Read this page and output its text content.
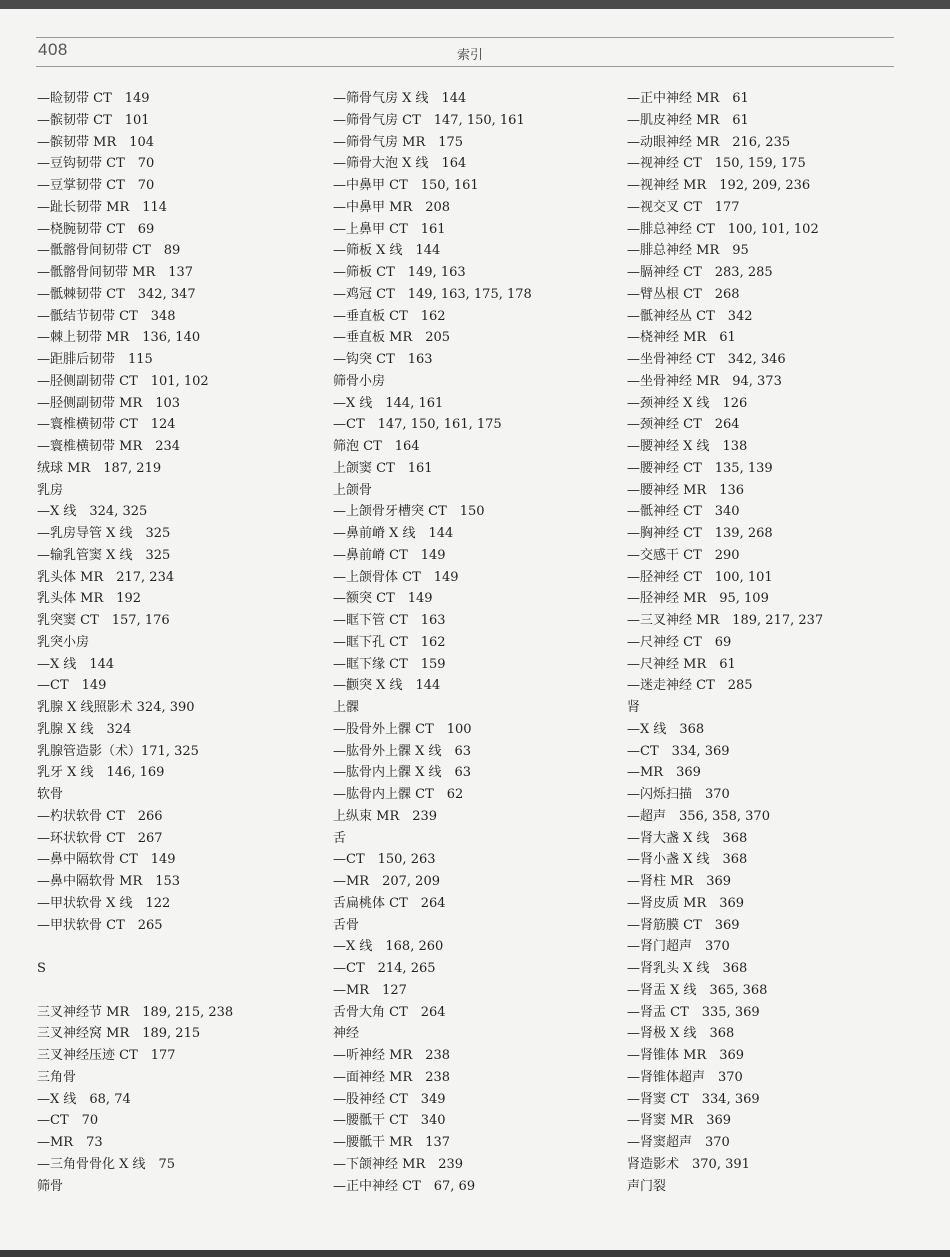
408	索引
—睑韧带 CT　149
—髌韧带 CT　101
—髌韧带 MR　104
—豆钩韧带 CT　70
—豆掌韧带 CT　70
—趾长韧带 MR　114
—桡腕韧带 CT　69
—骶髂骨间韧带 CT　89
—骶髂骨间韧带 MR　137
—骶棘韧带 CT　342, 347
—骶结节韧带 CT　348
—棘上韧带 MR　136, 140
—距腓后韧带　115
—胫侧副韧带 CT　101, 102
—胫侧副韧带 MR　103
—寰椎横韧带 CT　124
—寰椎横韧带 MR　234
绒球 MR　187, 219
乳房
—X 线　324, 325
—乳房导管 X 线　325
—输乳管窦 X 线　325
乳头体 MR　217, 234
乳头体 MR　192
乳突窦 CT　157, 176
乳突小房
—X 线　144
—CT　149
乳腺 X 线照影术 324, 390
乳腺 X 线　324
乳腺管造影（术）171, 325
乳牙 X 线　146, 169
软骨
—杓状软骨 CT　266
—环状软骨 CT　267
—鼻中隔软骨 CT　149
—鼻中隔软骨 MR　153
—甲状软骨 X 线　122
—甲状软骨 CT　265
S
三叉神经节 MR　189, 215, 238
三叉神经窝 MR　189, 215
三叉神经压迹 CT　177
三角骨
—X 线　68, 74
—CT　70
—MR　73
—三角骨骨化 X 线　75
筛骨
—筛骨气房 X 线　144
—筛骨气房 CT　147, 150, 161
—筛骨气房 MR　175
—筛骨大泡 X 线　164
—中鼻甲 CT　150, 161
—中鼻甲 MR　208
—上鼻甲 CT　161
—筛板 X 线　144
—筛板 CT　149, 163
—鸡冠 CT　149, 163, 175, 178
—垂直板 CT　162
—垂直板 MR　205
—钩突 CT　163
筛骨小房
—X 线　144, 161
—CT　147, 150, 161, 175
筛泡 CT　164
上颌窦 CT　161
上颌骨
—上颌骨牙槽突 CT　150
—鼻前嵴 X 线　144
—鼻前嵴 CT　149
—上颌骨体 CT　149
—额突 CT　149
—眶下管 CT　163
—眶下孔 CT　162
—眶下缘 CT　159
—颧突 X 线　144
上髁
—股骨外上髁 CT　100
—肱骨外上髁 X 线　63
—肱骨内上髁 X 线　63
—肱骨内上髁 CT　62
上纵束 MR　239
舌
—CT　150, 263
—MR　207, 209
舌扁桃体 CT　264
舌骨
—X 线　168, 260
—CT　214, 265
—MR　127
舌骨大角 CT　264
神经
—听神经 MR　238
—面神经 MR　238
—股神经 CT　349
—腰骶干 CT　340
—腰骶干 MR　137
—下颌神经 MR　239
—正中神经 CT　67, 69
—正中神经 MR　61
—肌皮神经 MR　61
—动眼神经 MR　216, 235
—视神经 CT　150, 159, 175
—视神经 MR　192, 209, 236
—视交叉 CT　177
—腓总神经 CT　100, 101, 102
—腓总神经 MR　95
—膈神经 CT　283, 285
—臂丛根 CT　268
—骶神经丛 CT　342
—桡神经 MR　61
—坐骨神经 CT　342, 346
—坐骨神经 MR　94, 373
—颈神经 X 线　126
—颈神经 CT　264
—腰神经 X 线　138
—腰神经 CT　135, 139
—腰神经 MR　136
—骶神经 CT　340
—胸神经 CT　139, 268
—交感干 CT　290
—胫神经 CT　100, 101
—胫神经 MR　95, 109
—三叉神经 MR　189, 217, 237
—尺神经 CT　69
—尺神经 MR　61
—迷走神经 CT　285
肾
—X 线　368
—CT　334, 369
—MR　369
—闪烁扫描　370
—超声　356, 358, 370
—肾大盏 X 线　368
—肾小盏 X 线　368
—肾柱 MR　369
—肾皮质 MR　369
—肾筋膜 CT　369
—肾门超声　370
—肾乳头 X 线　368
—肾盂 X 线　365, 368
—肾盂 CT　335, 369
—肾极 X 线　368
—肾锥体 MR　369
—肾锥体超声　370
—肾窦 CT　334, 369
—肾窦 MR　369
—肾窦超声　370
肾造影术　370, 391
声门裂
